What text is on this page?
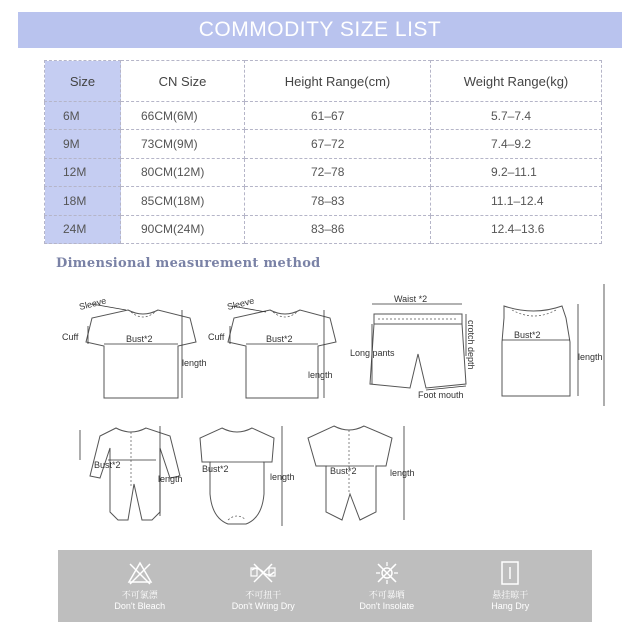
COMMODITY SIZE LIST
Size	CN Size	Height Range(cm)	Weight Range(kg)
6M	66CM(6M)	61–67	5.7–7.4
9M	73CM(9M)	67–72	7.4–9.2
12M	80CM(12M)	72–78	9.2–11.1
18M	85CM(18M)	78–83	11.1–12.4
24M	90CM(24M)	83–86	12.4–13.6
Dimensional measurement method
Sleeve
Cuff	Bust*2
length
Sleeve
Cuff	Bust*2
length
Waist *2
crotch depth
Long pants
Foot mouth
Bust*2
length
Bust*2
length
Bust*2
length
Bust*2	length
不可氯漂
Don't Bleach
不可扭干
Don't Wring Dry
不可暴晒
Don't Insolate
悬挂晾干
Hang Dry
